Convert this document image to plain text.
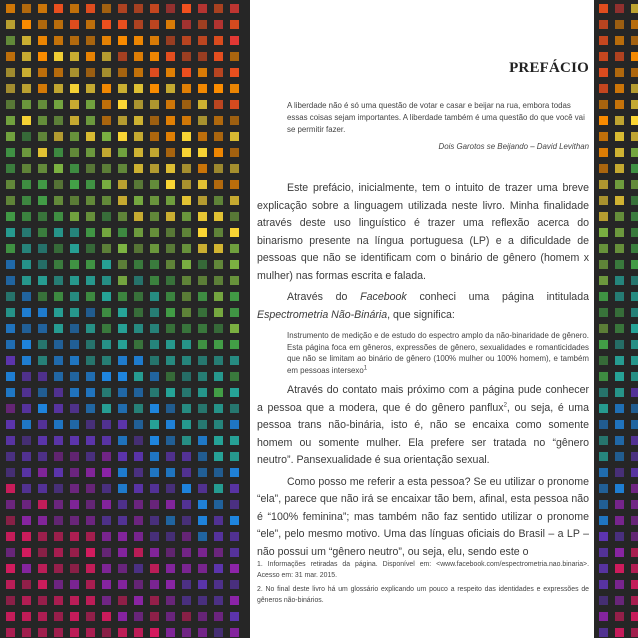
PREFÁCIO
A liberdade não é só uma questão de votar e casar e beijar na rua, embora todas essas coisas sejam importantes. A liberdade também é uma questão do que você vai se permitir fazer.
Dois Garotos se Beijando – David Levithan

Este prefácio, inicialmente, tem o intuito de trazer uma breve explicação sobre a linguagem utilizada neste livro. Minha finalidade através deste uso linguístico é trazer uma reflexão acerca do binarismo presente na língua portuguesa (LP) e a dificuldade de pessoas que não se identificam com o binário de gênero (homem x mulher) nas formas escrita e falada.

Através do Facebook conheci uma página intitulada Espectrometria Não-Binária, que significa:

Instrumento de medição e de estudo do espectro amplo da não-binaridade de gênero. Esta página foca em gêneros, expressões de gênero, sexualidades e romanticidades que não se limitam ao binário de gênero (100% mulher ou 100% homem), e também em pessoas intersexo$^1$

Através do contato mais próximo com a página pude conhecer a pessoa que a modera, que é do gênero panflux$^2$, ou seja, é uma pessoa trans não-binária, isto é, não se encaixa como somente homem ou somente mulher. Ela prefere ser tratada no “gênero neutro”. Pansexualidade é sua orientação sexual.

Como posso me referir a esta pessoa? Se eu utilizar o pronome “ela”, parece que não irá se encaixar tão bem, afinal, esta pessoa não é “100% feminina”; mas também não faz sentido utilizar o pronome “ele”, pelo mesmo motivo. Uma das línguas oficiais do Brasil – a LP – não possui um “gênero neutro”, ou seja, elu, sendo este o

1. Informações retiradas da página. Disponível em: <www.facebook.com/espectrometria.nao.binaria>. Acesso em: 31 mar. 2015.

2. No final deste livro há um glossário explicando um pouco a respeito das identidades e expressões de gêneros não-binários.
